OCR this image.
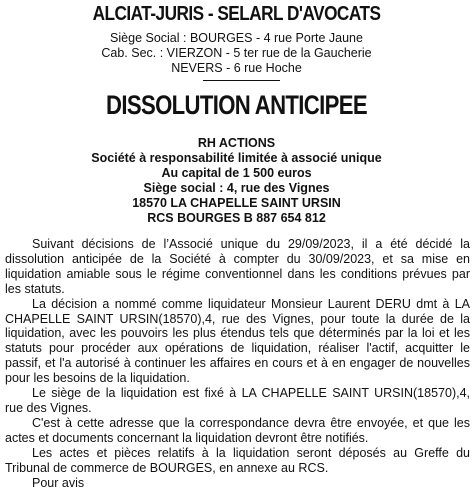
ALCIAT-JURIS - SELARL D'AVOCATS
Siège Social : BOURGES - 4 rue Porte Jaune
Cab. Sec. : VIERZON - 5 ter rue de la Gaucherie
NEVERS - 6 rue Hoche
DISSOLUTION ANTICIPEE
RH ACTIONS
Société à responsabilité limitée à associé unique
Au capital de 1 500 euros
Siège social : 4, rue des Vignes
18570 LA CHAPELLE SAINT URSIN
RCS BOURGES B 887 654 812

Suivant décisions de l’Associé unique du 29/09/2023, il a été décidé la dissolution anticipée de la Société à compter du 30/09/2023, et sa mise en liquidation amiable sous le régime conventionnel dans les conditions prévues par les statuts.

La décision a nommé comme liquidateur Monsieur Laurent DERU dmt à LA CHAPELLE SAINT URSIN(18570),4, rue des Vignes, pour toute la durée de la liquidation, avec les pouvoirs les plus étendus tels que déterminés par la loi et les statuts pour procéder aux opérations de liquidation, réaliser l'actif, acquitter le passif, et l'a autorisé à continuer les affaires en cours et à en engager de nouvelles pour les besoins de la liquidation.

Le siège de la liquidation est fixé à LA CHAPELLE SAINT URSIN(18570),4, rue des Vignes.

C'est à cette adresse que la correspondance devra être envoyée, et que les actes et documents concernant la liquidation devront être notifiés.

Les actes et pièces relatifs à la liquidation seront déposés au Greffe du Tribunal de commerce de BOURGES, en annexe au RCS.

Pour avis
